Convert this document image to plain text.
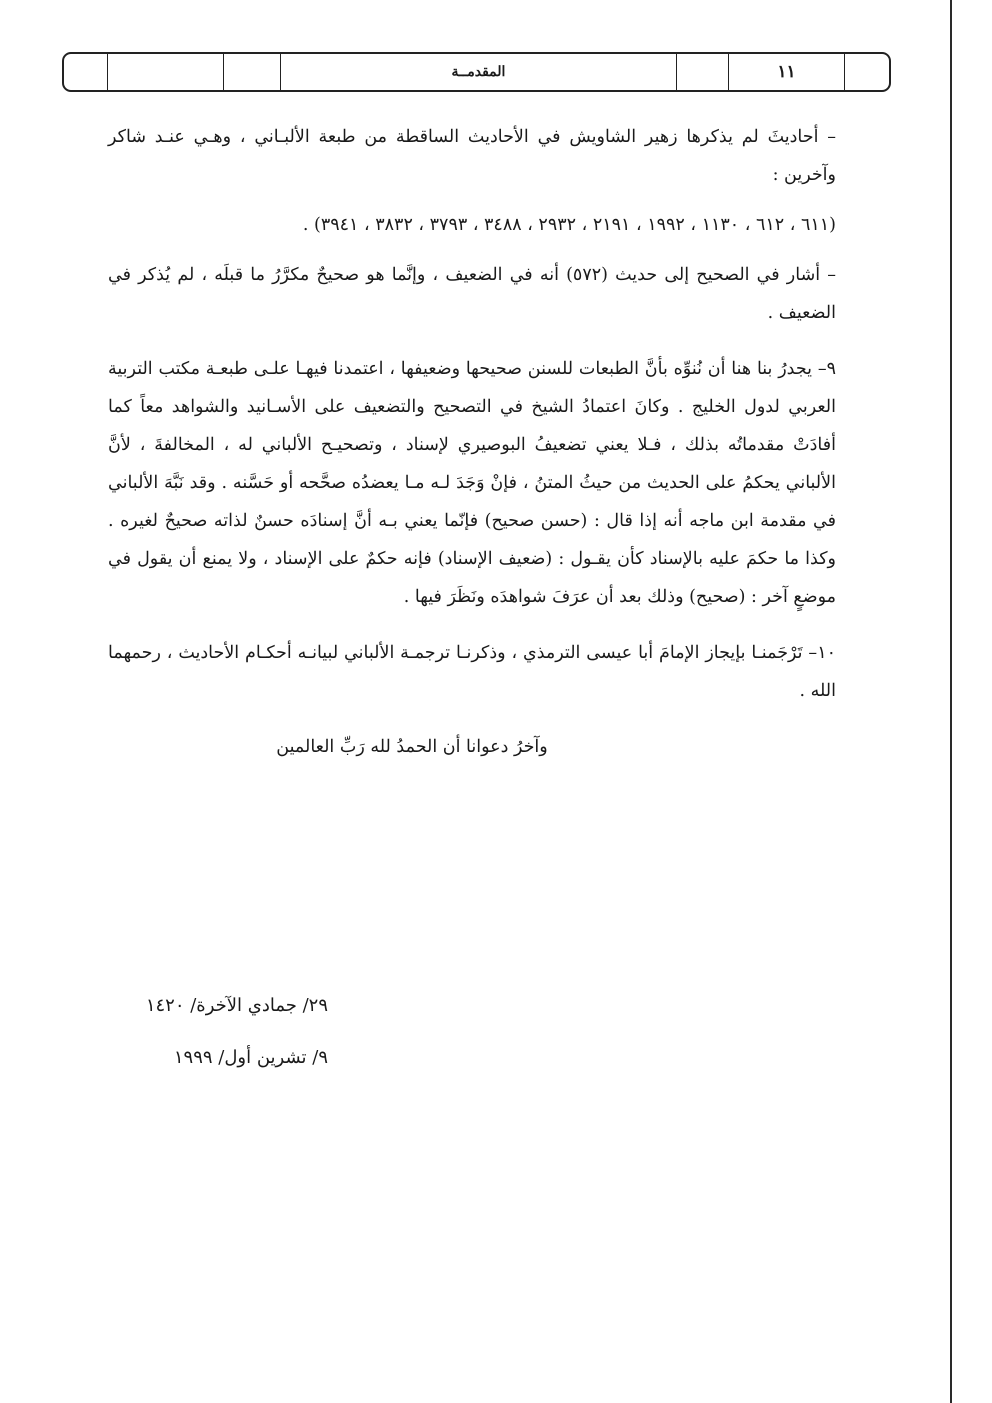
١١
المقدمــة

– أحاديثَ لم يذكرها زهير الشاويش في الأحاديث الساقطة من طبعة الألبـاني ، وهـي عنـد شاكر وآخرين :

(٦١١ ، ٦١٢ ، ١١٣٠ ، ١٩٩٢ ، ٢١٩١ ، ٢٩٣٢ ، ٣٤٨٨ ، ٣٧٩٣ ، ٣٨٣٢ ، ٣٩٤١) .

– أشار في الصحيح إلى حديث (٥٧٢) أنه في الضعيف ، وإنَّما هو صحيحٌ مكرَّرُ ما قبلَه ، لم يُذكر في الضعيف .

٩– يجدرُ بنا هنا أن نُنوِّه بأنَّ الطبعات للسنن صحيحها وضعيفها ، اعتمدنا فيهـا علـى طبعـة مكتب التربية العربي لدول الخليج . وكانَ اعتمادُ الشيخ في التصحيح والتضعيف على الأسـانيد والشواهد معاً كما أفادَتْ مقدماتُه بذلك ، فـلا يعني تضعيفُ البوصيري لإسناد ، وتصحيـح الألباني له ، المخالفةَ ، لأنَّ الألباني يحكمُ على الحديث من حيثُ المتنُ ، فإنْ وَجَدَ لـه مـا يعضدُه صحَّحه أو حَسَّنه . وقد نَبَّهَ الألباني في مقدمة ابن ماجه أنه إذا قال : (حسن صحيح) فإنّما يعني بـه أنَّ إسنادَه حسنٌ لذاته صحيحٌ لغيره . وكذا ما حكمَ عليه بالإسناد كأن يقـول : (ضعيف الإسناد) فإنه حكمٌ على الإسناد ، ولا يمنع أن يقول في موضعٍ آخر : (صحيح) وذلك بعد أن عرَفَ شواهدَه ونَظَرَ فيها .

١٠– تَرْجَمنـا بإيجاز الإمامَ أبا عيسى الترمذي ، وذكرنـا ترجمـة الألباني لبيانـه أحكـام الأحاديث ، رحمهما الله .

وآخرُ دعوانا أن الحمدُ لله رَبِّ العالمين

٢٩/ جمادي الآخرة/ ١٤٢٠
٩/ تشرين أول/ ١٩٩٩
